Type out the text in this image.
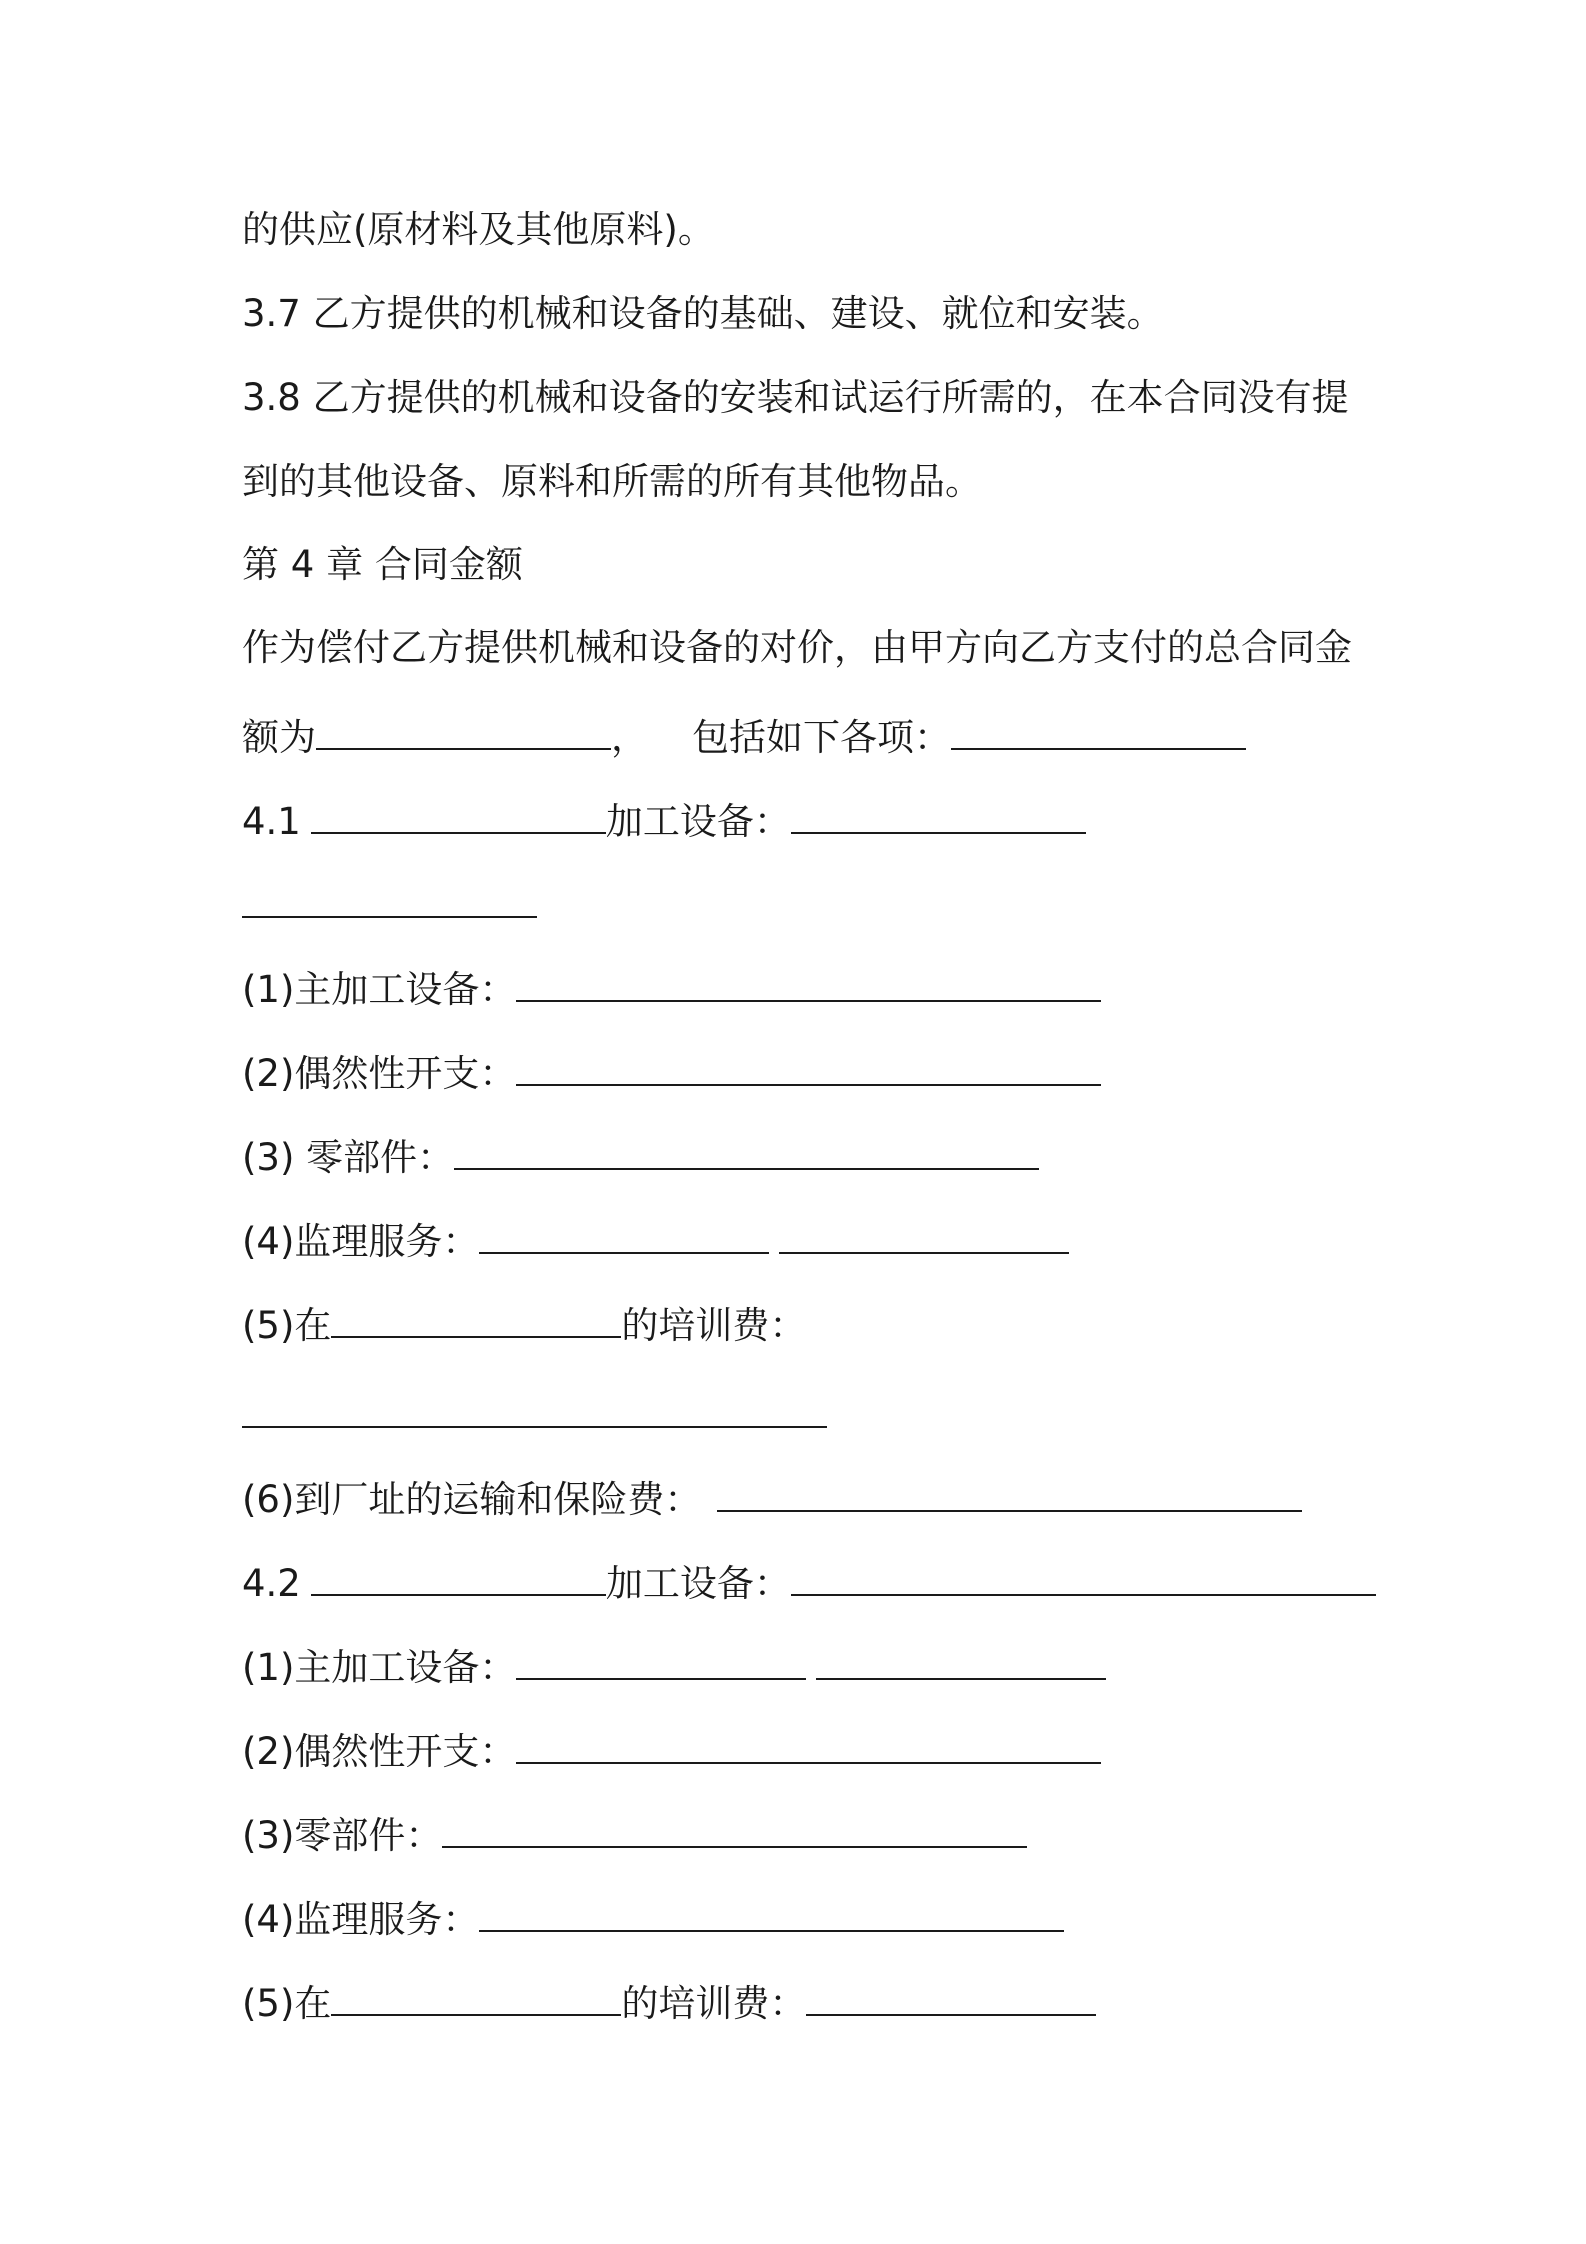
的供应(原材料及其他原料)。
3.7 乙方提供的机械和设备的基础、建设、就位和安装。
3.8 乙方提供的机械和设备的安装和试运行所需的，在本合同没有提
到的其他设备、原料和所需的所有其他物品。
第 4 章 合同金额
作为偿付乙方提供机械和设备的对价，由甲方向乙方支付的总合同金
额为	， 包括如下各项：
4.1	加工设备：
(1)主加工设备：
(2)偶然性开支：
(3) 零部件：
(4)监理服务：
(5)在	的培训费：
(6)到厂址的运输和保险费：
4.2	加工设备：
(1)主加工设备：
(2)偶然性开支：
(3)零部件：
(4)监理服务：
(5)在	的培训费：
